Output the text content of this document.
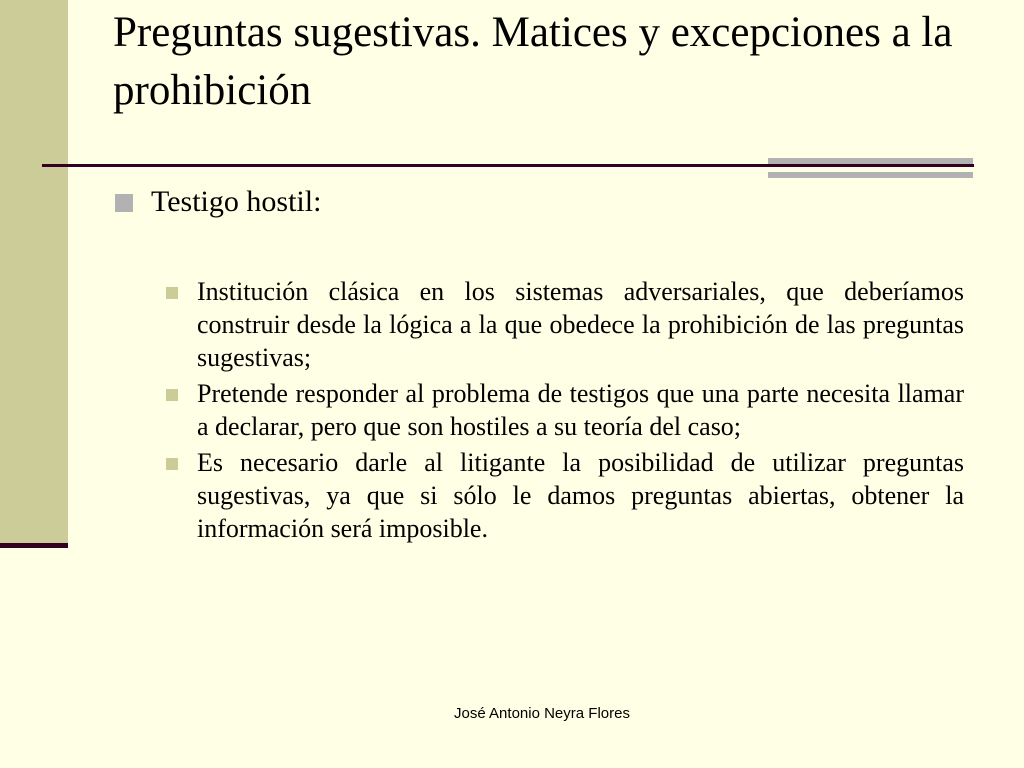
Preguntas sugestivas. Matices y excepciones a la prohibición

Testigo hostil:

Institución clásica en los sistemas adversariales, que deberíamos construir desde la lógica a la que obedece la prohibición de las preguntas sugestivas;
Pretende responder al problema de testigos que una parte necesita llamar a declarar, pero que son hostiles a su teoría del caso;
Es necesario darle al litigante la posibilidad de utilizar preguntas sugestivas, ya que si sólo le damos preguntas abiertas, obtener la información será imposible.
José Antonio Neyra Flores
